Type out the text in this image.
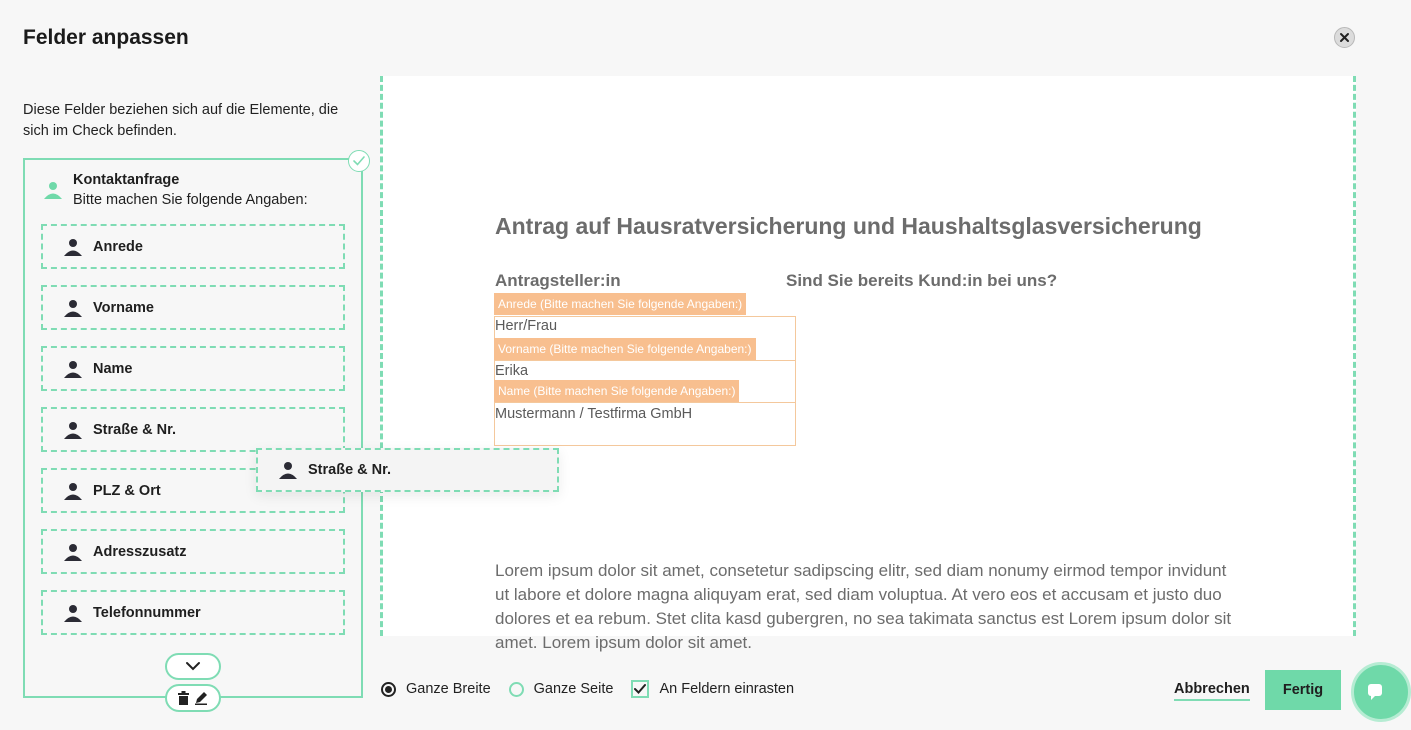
Felder anpassen
Diese Felder beziehen sich auf die Elemente, die sich im Check befinden.
Kontaktanfrage
Bitte machen Sie folgende Angaben:
Anrede
Vorname
Name
Straße & Nr.
PLZ & Ort
Adresszusatz
Telefonnummer
Antrag auf Hausratversicherung und Haushaltsglasversicherung
Antragsteller:in	Sind Sie bereits Kund:in bei uns?
Anrede (Bitte machen Sie folgende Angaben:)
Herr/Frau
Vorname (Bitte machen Sie folgende Angaben:)
Erika
Name (Bitte machen Sie folgende Angaben:)
Mustermann / Testfirma GmbH
Lorem ipsum dolor sit amet, consetetur sadipscing elitr, sed diam nonumy eirmod tempor invidunt ut labore et dolore magna aliquyam erat, sed diam voluptua. At vero eos et accusam et justo duo dolores et ea rebum. Stet clita kasd gubergren, no sea takimata sanctus est Lorem ipsum dolor sit amet. Lorem ipsum dolor sit amet.
Straße & Nr.
Ganze Breite	Ganze Seite	An Feldern einrasten	Abbrechen	Fertig
